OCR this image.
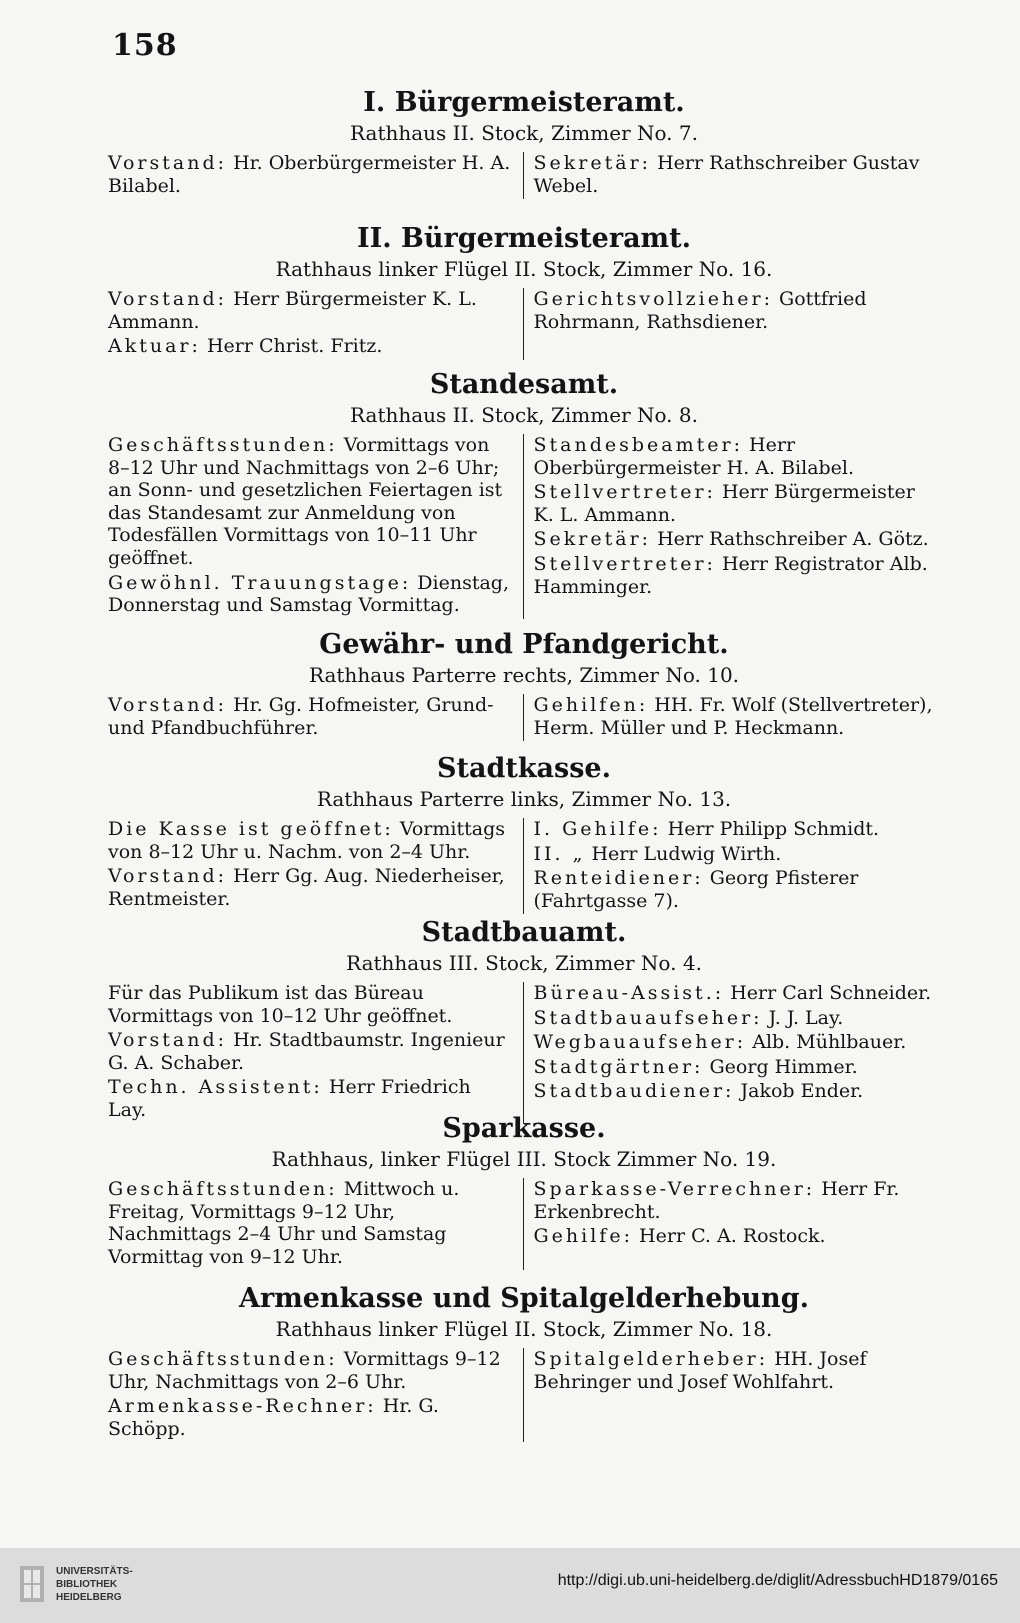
158
I. Bürgermeisteramt.
Rathhaus II. Stock, Zimmer No. 7.
Vorstand: Hr. Oberbürgermeister H. A. Bilabel.
Sekretär: Herr Rathschreiber Gustav Webel.
II. Bürgermeisteramt.
Rathhaus linker Flügel II. Stock, Zimmer No. 16.
Vorstand: Herr Bürgermeister K. L. Ammann.
Aktuar: Herr Christ. Fritz.
Gerichtsvollzieher: Gottfried Rohrmann, Rathsdiener.
Standesamt.
Rathhaus II. Stock, Zimmer No. 8.
Geschäftsstunden: Vormittags von 8–12 Uhr und Nachmittags von 2–6 Uhr; an Sonn- und gesetzlichen Feiertagen ist das Standesamt zur Anmeldung von Todesfällen Vormittags von 10–11 Uhr geöffnet.
Gewöhnl. Trauungstage: Dienstag, Donnerstag und Samstag Vormittag.
Standesbeamter: Herr Oberbürgermeister H. A. Bilabel.
Stellvertreter: Herr Bürgermeister K. L. Ammann.
Sekretär: Herr Rathschreiber A. Götz.
Stellvertreter: Herr Registrator Alb. Hamminger.
Gewähr- und Pfandgericht.
Rathhaus Parterre rechts, Zimmer No. 10.
Vorstand: Hr. Gg. Hofmeister, Grund- und Pfandbuchführer.
Gehilfen: HH. Fr. Wolf (Stellvertreter), Herm. Müller und P. Heckmann.
Stadtkasse.
Rathhaus Parterre links, Zimmer No. 13.
Die Kasse ist geöffnet: Vormittags von 8–12 Uhr u. Nachm. von 2–4 Uhr.
Vorstand: Herr Gg. Aug. Niederheiser, Rentmeister.
I. Gehilfe: Herr Philipp Schmidt.
II. „ Herr Ludwig Wirth.
Renteidiener: Georg Pfisterer (Fahrtgasse 7).
Stadtbauamt.
Rathhaus III. Stock, Zimmer No. 4.
Für das Publikum ist das Büreau Vormittags von 10–12 Uhr geöffnet.
Vorstand: Hr. Stadtbaumstr. Ingenieur G. A. Schaber.
Techn. Assistent: Herr Friedrich Lay.
Büreau-Assist.: Herr Carl Schneider.
Stadtbauaufseher: J. J. Lay.
Wegbauaufseher: Alb. Mühlbauer.
Stadtgärtner: Georg Himmer.
Stadtbaudiener: Jakob Ender.
Sparkasse.
Rathhaus, linker Flügel III. Stock Zimmer No. 19.
Geschäftsstunden: Mittwoch u. Freitag, Vormittags 9–12 Uhr, Nachmittags 2–4 Uhr und Samstag Vormittag von 9–12 Uhr.
Sparkasse-Verrechner: Herr Fr. Erkenbrecht.
Gehilfe: Herr C. A. Rostock.
Armenkasse und Spitalgelderhebung.
Rathhaus linker Flügel II. Stock, Zimmer No. 18.
Geschäftsstunden: Vormittags 9–12 Uhr, Nachmittags von 2–6 Uhr.
Armenkasse-Rechner: Hr. G. Schöpp.
Spitalgelderheber: HH. Josef Behringer und Josef Wohlfahrt.
UNIVERSITÄTS-
BIBLIOTHEK
HEIDELBERG
http://digi.ub.uni-heidelberg.de/diglit/AdressbuchHD1879/0165
